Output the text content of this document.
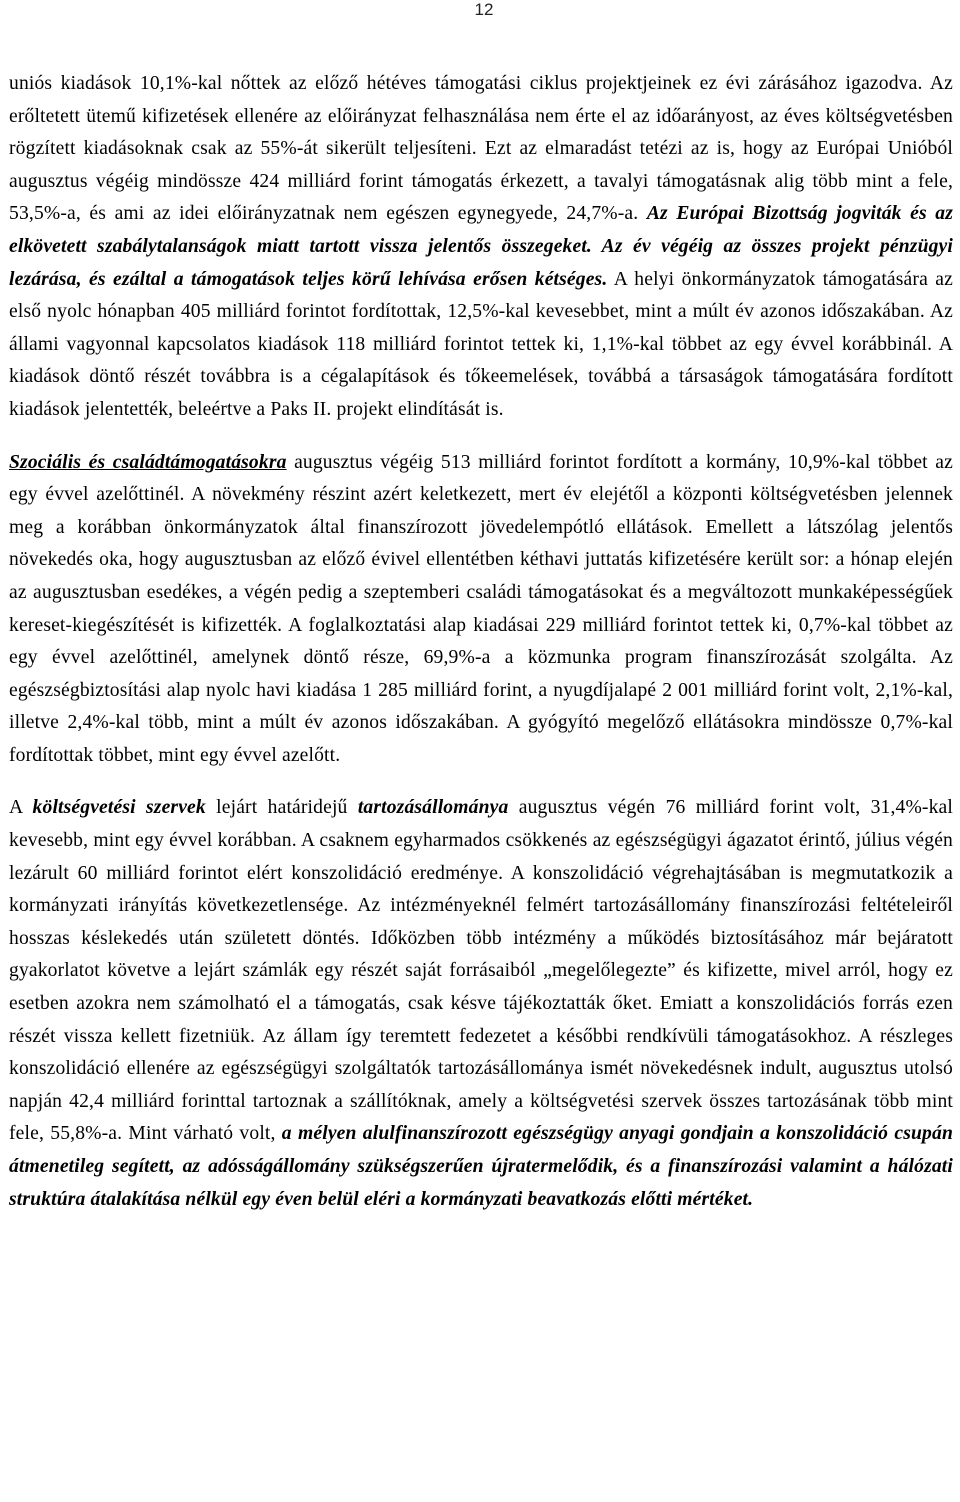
12

uniós kiadások 10,1%-kal nőttek az előző hétéves támogatási ciklus projektjeinek ez évi zárásához igazodva. Az erőltetett ütemű kifizetések ellenére az előirányzat felhasználása nem érte el az időarányost, az éves költségvetésben rögzített kiadásoknak csak az 55%-át sikerült teljesíteni. Ezt az elmaradást tetézi az is, hogy az Európai Unióból augusztus végéig mindössze 424 milliárd forint támogatás érkezett, a tavalyi támogatásnak alig több mint a fele, 53,5%-a, és ami az idei előirányzatnak nem egészen egynegyede, 24,7%-a. Az Európai Bizottság jogviták és az elkövetett szabálytalanságok miatt tartott vissza jelentős összegeket. Az év végéig az összes projekt pénzügyi lezárása, és ezáltal a támogatások teljes körű lehívása erősen kétséges. A helyi önkormányzatok támogatására az első nyolc hónapban 405 milliárd forintot fordítottak, 12,5%-kal kevesebbet, mint a múlt év azonos időszakában. Az állami vagyonnal kapcsolatos kiadások 118 milliárd forintot tettek ki, 1,1%-kal többet az egy évvel korábbinál. A kiadások döntő részét továbbra is a cégalapítások és tőkeemelések, továbbá a társaságok támogatására fordított kiadások jelentették, beleértve a Paks II. projekt elindítását is.

Szociális és családtámogatásokra augusztus végéig 513 milliárd forintot fordított a kormány, 10,9%-kal többet az egy évvel azelőttinél. A növekmény részint azért keletkezett, mert év elejétől a központi költségvetésben jelennek meg a korábban önkormányzatok által finanszírozott jövedelempótló ellátások. Emellett a látszólag jelentős növekedés oka, hogy augusztusban az előző évivel ellentétben kéthavi juttatás kifizetésére került sor: a hónap elején az augusztusban esedékes, a végén pedig a szeptemberi családi támogatásokat és a megváltozott munkaképességűek kereset-kiegészítését is kifizették. A foglalkoztatási alap kiadásai 229 milliárd forintot tettek ki, 0,7%-kal többet az egy évvel azelőttinél, amelynek döntő része, 69,9%-a a közmunka program finanszírozását szolgálta. Az egészségbiztosítási alap nyolc havi kiadása 1 285 milliárd forint, a nyugdíjalapé 2 001 milliárd forint volt, 2,1%-kal, illetve 2,4%-kal több, mint a múlt év azonos időszakában. A gyógyító megelőző ellátásokra mindössze 0,7%-kal fordítottak többet, mint egy évvel azelőtt.

A költségvetési szervek lejárt határidejű tartozásállománya augusztus végén 76 milliárd forint volt, 31,4%-kal kevesebb, mint egy évvel korábban. A csaknem egyharmados csökkenés az egészségügyi ágazatot érintő, július végén lezárult 60 milliárd forintot elért konszolidáció eredménye. A konszolidáció végrehajtásában is megmutatkozik a kormányzati irányítás következetlensége. Az intézményeknél felmért tartozásállomány finanszírozási feltételeiről hosszas késlekedés után született döntés. Időközben több intézmény a működés biztosításához már bejáratott gyakorlatot követve a lejárt számlák egy részét saját forrásaiból „megelőlegezte” és kifizette, mivel arról, hogy ez esetben azokra nem számolható el a támogatás, csak késve tájékoztatták őket. Emiatt a konszolidációs forrás ezen részét vissza kellett fizetniük. Az állam így teremtett fedezetet a későbbi rendkívüli támogatásokhoz. A részleges konszolidáció ellenére az egészségügyi szolgáltatók tartozásállománya ismét növekedésnek indult, augusztus utolsó napján 42,4 milliárd forinttal tartoznak a szállítóknak, amely a költségvetési szervek összes tartozásának több mint fele, 55,8%-a. Mint várható volt, a mélyen alulfinanszírozott egészségügy anyagi gondjain a konszolidáció csupán átmenetileg segített, az adósságállomány szükségszerűen újratermelődik, és a finanszírozási valamint a hálózati struktúra átalakítása nélkül egy éven belül eléri a kormányzati beavatkozás előtti mértéket.
